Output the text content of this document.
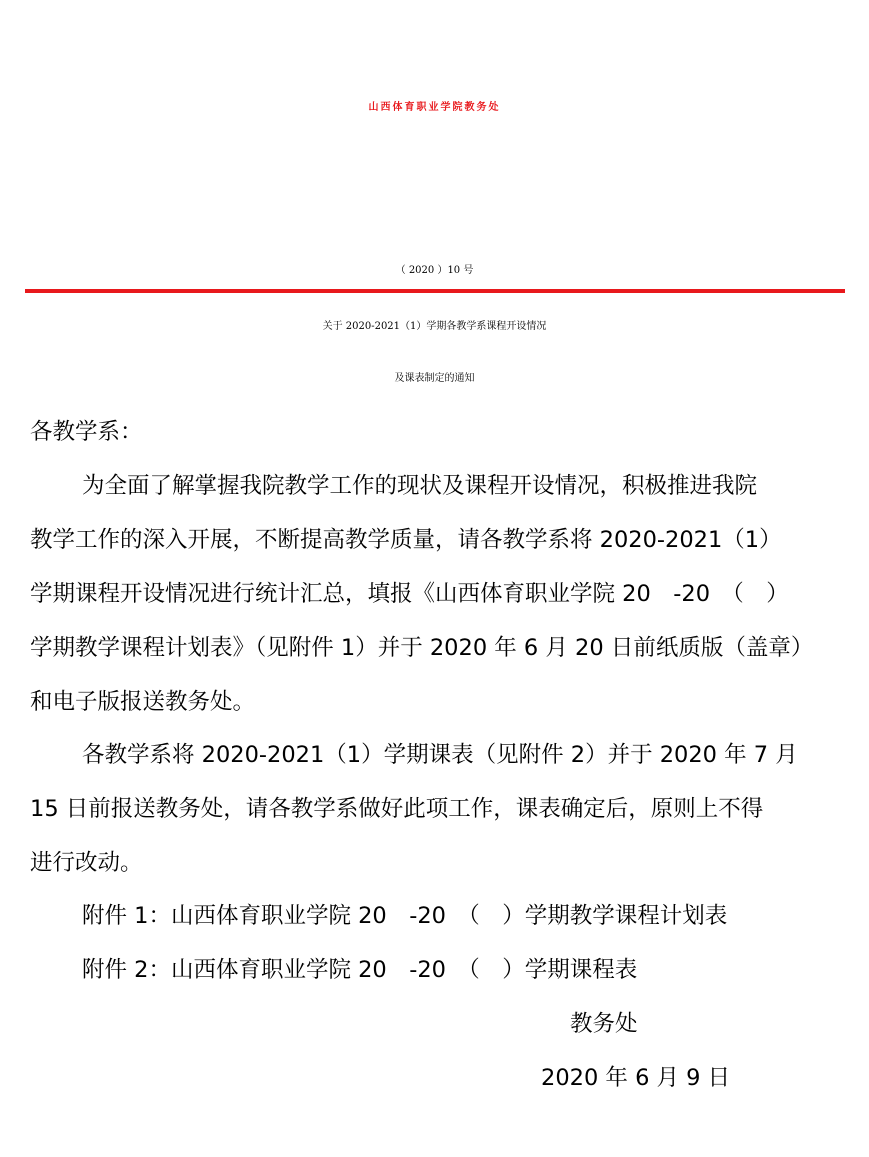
山西体育职业学院教务处
（ 2020 ）10 号
关于 2020-2021（1）学期各教学系课程开设情况
及课表制定的通知
各教学系：
为全面了解掌握我院教学工作的现状及课程开设情况，积极推进我院
教学工作的深入开展，不断提高教学质量，请各教学系将 2020-2021（1）
学期课程开设情况进行统计汇总，填报《山西体育职业学院 20　-20　（　）
学期教学课程计划表》（见附件 1）并于 2020 年 6 月 20 日前纸质版（盖章）
和电子版报送教务处。
各教学系将 2020-2021（1）学期课表（见附件 2）并于 2020 年 7 月
15 日前报送教务处，请各教学系做好此项工作，课表确定后，原则上不得
进行改动。
附件 1：山西体育职业学院 20　-20　（　）学期教学课程计划表
附件 2：山西体育职业学院 20　-20　（　）学期课程表
教务处
2020 年 6 月 9 日
